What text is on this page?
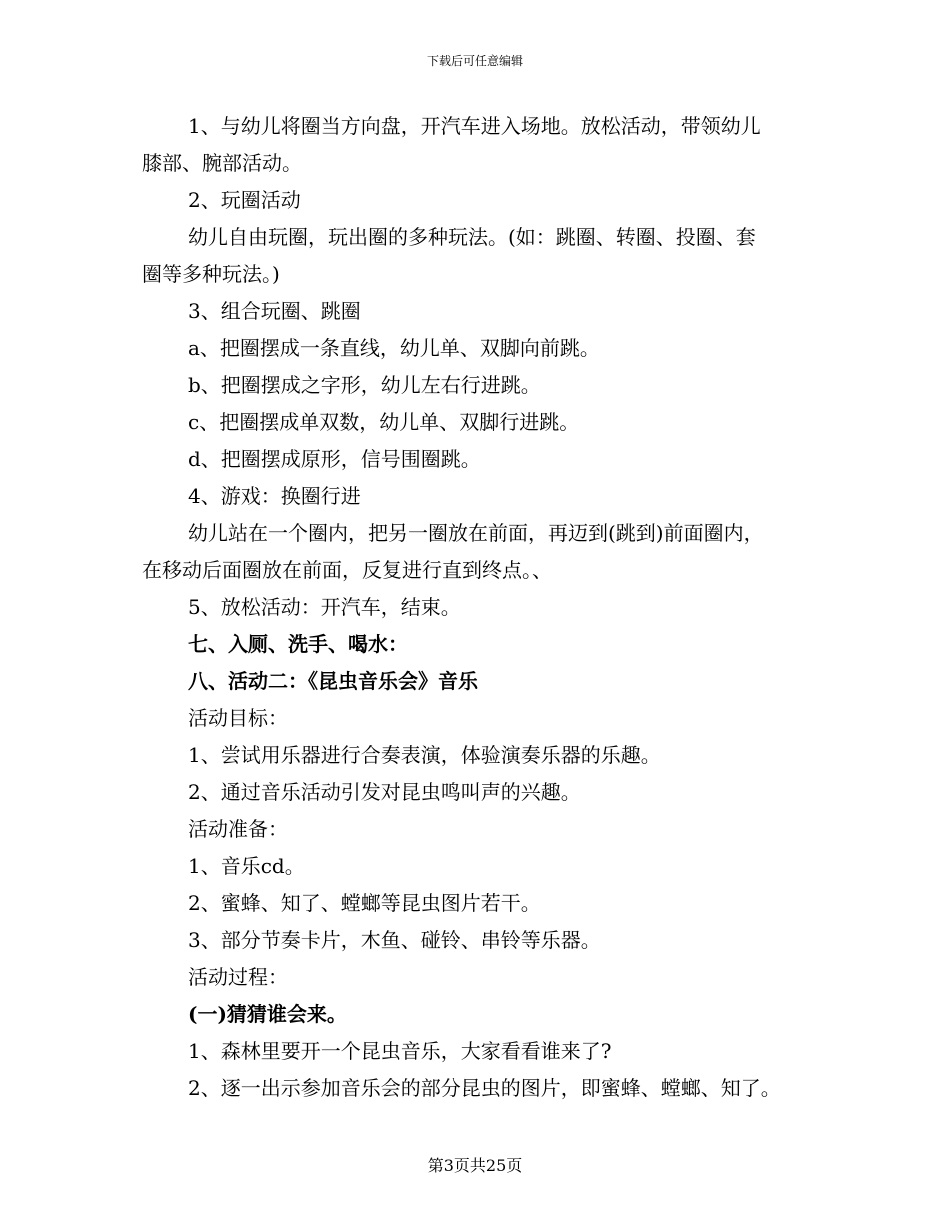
下载后可任意编辑
1、与幼儿将圈当方向盘，开汽车进入场地。放松活动，带领幼儿
膝部、腕部活动。
2、玩圈活动
幼儿自由玩圈，玩出圈的多种玩法。(如：跳圈、转圈、投圈、套
圈等多种玩法。)
3、组合玩圈、跳圈
a、把圈摆成一条直线，幼儿单、双脚向前跳。
b、把圈摆成之字形，幼儿左右行进跳。
c、把圈摆成单双数，幼儿单、双脚行进跳。
d、把圈摆成原形，信号围圈跳。
4、游戏：换圈行进
幼儿站在一个圈内，把另一圈放在前面，再迈到(跳到)前面圈内，
在移动后面圈放在前面，反复进行直到终点。、
5、放松活动：开汽车，结束。
七、入厕、洗手、喝水：
八、活动二：《昆虫音乐会》音乐
活动目标：
1、尝试用乐器进行合奏表演，体验演奏乐器的乐趣。
2、通过音乐活动引发对昆虫鸣叫声的兴趣。
活动准备：
1、音乐cd。
2、蜜蜂、知了、螳螂等昆虫图片若干。
3、部分节奏卡片，木鱼、碰铃、串铃等乐器。
活动过程：
(一)猜猜谁会来。
1、森林里要开一个昆虫音乐，大家看看谁来了?
2、逐一出示参加音乐会的部分昆虫的图片，即蜜蜂、螳螂、知了。
第3页共25页
